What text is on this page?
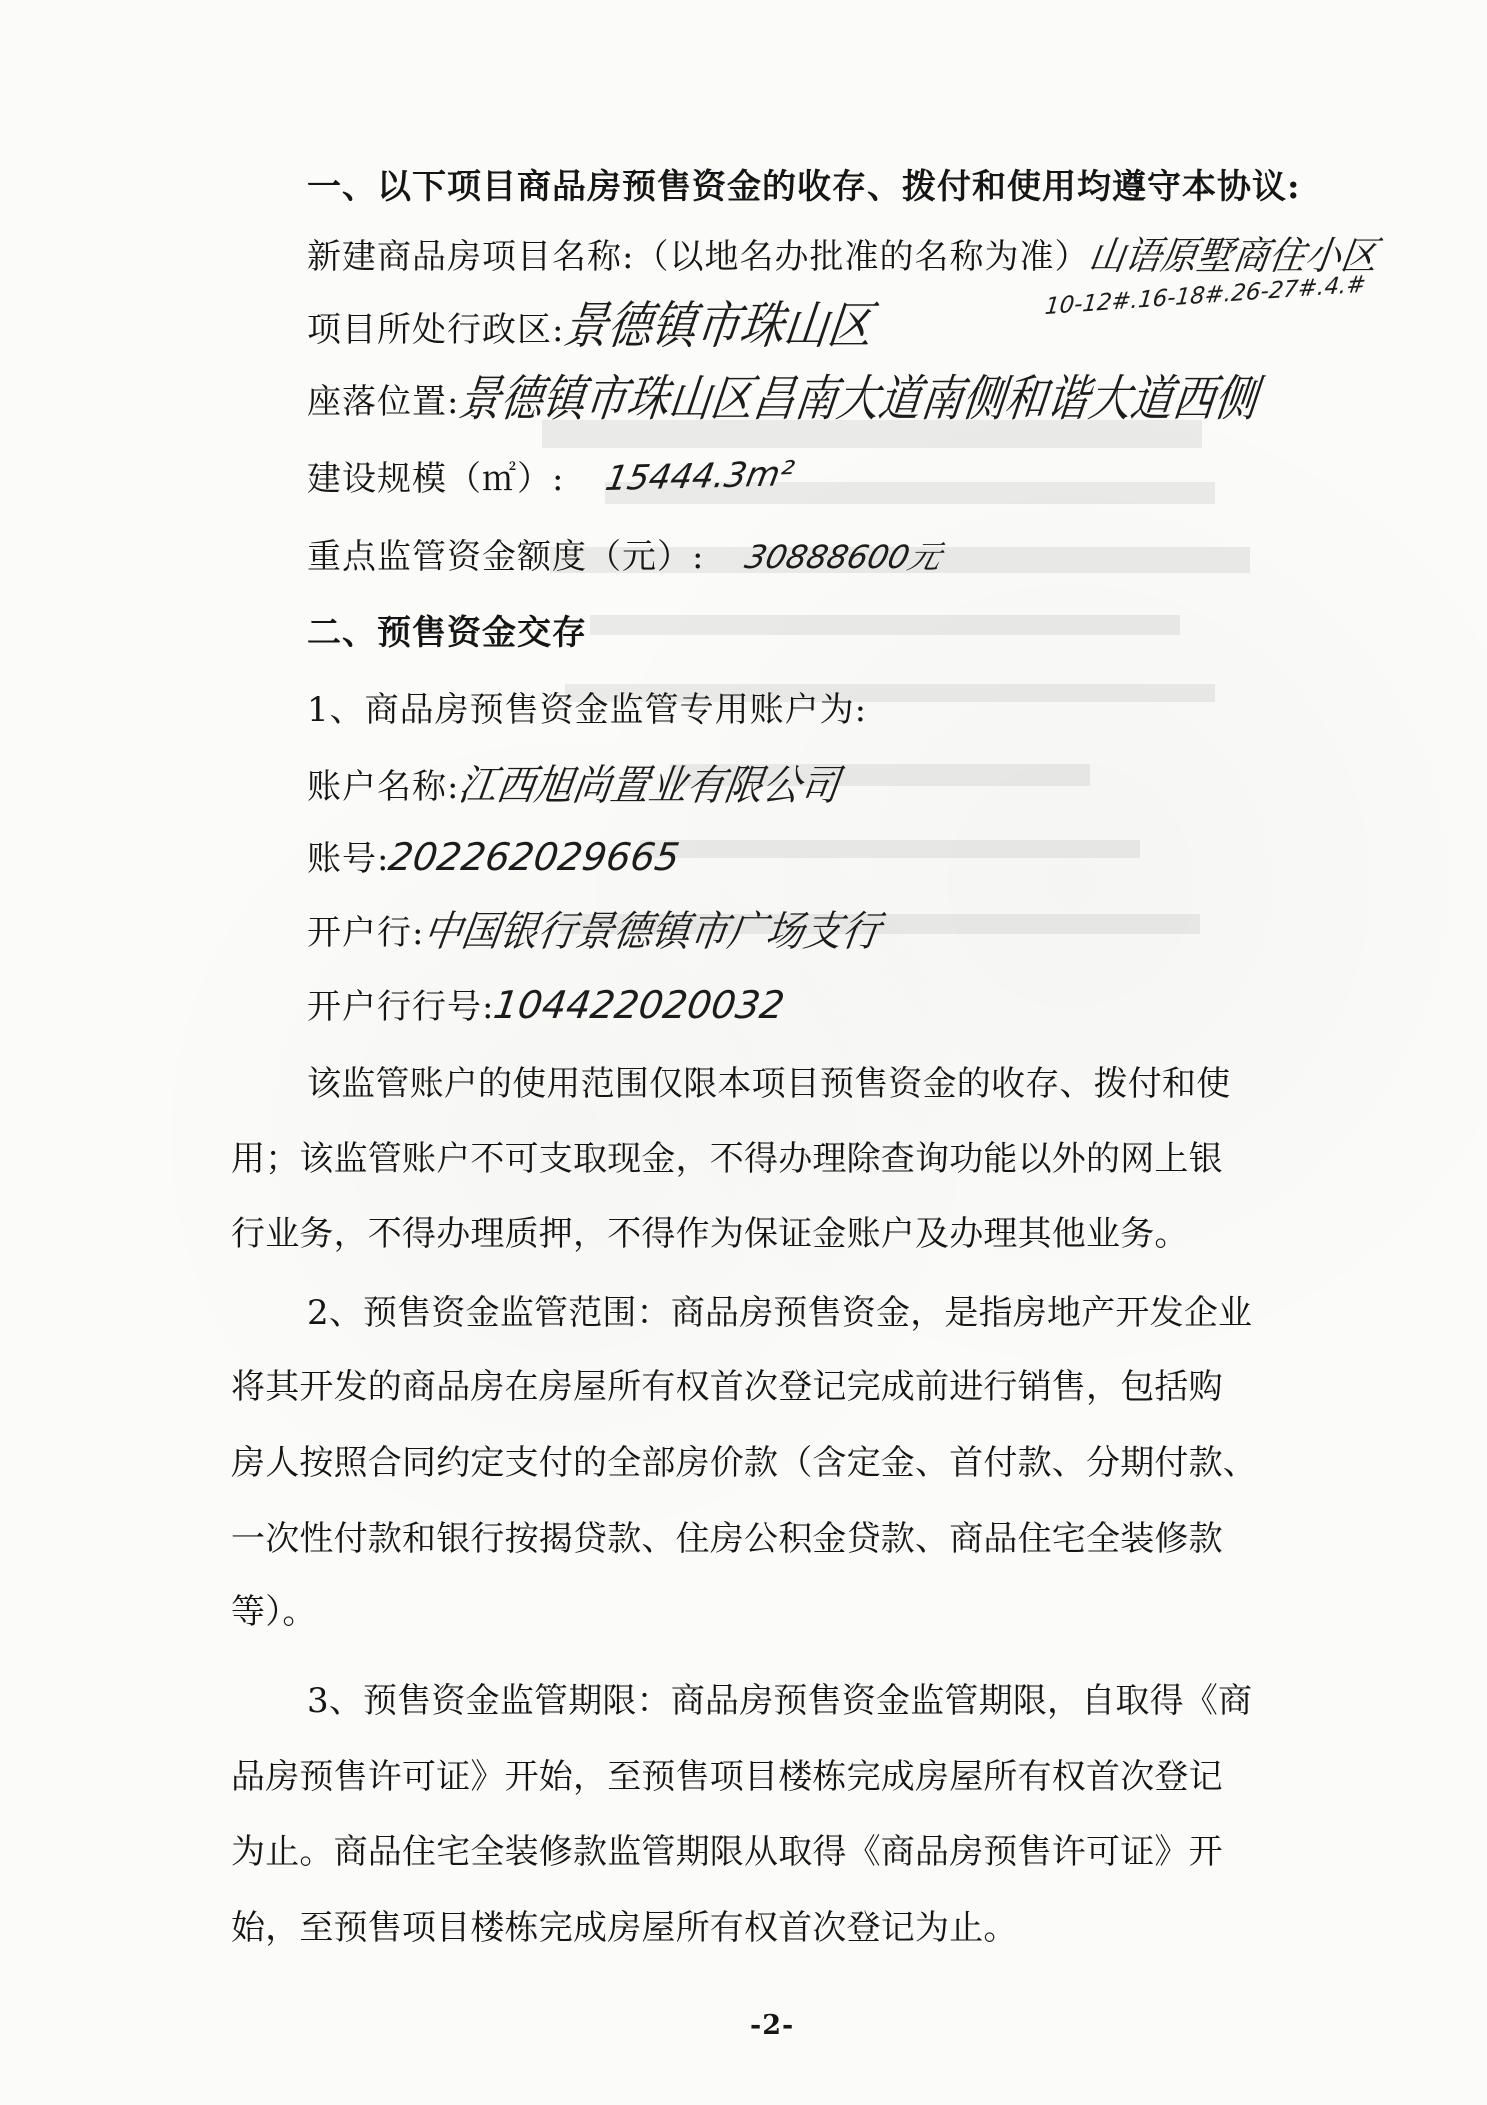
一、以下项目商品房预售资金的收存、拨付和使用均遵守本协议:
新建商品房项目名称:（以地名办批准的名称为准）山语原墅商住小区
10-12#.16-18#.26-27#.4.#
项目所处行政区:景德镇市珠山区
座落位置:景德镇市珠山区昌南大道南侧和谐大道西侧
建设规模（㎡）: 15444.3m²
重点监管资金额度（元）: 30888600元
二、预售资金交存
1、商品房预售资金监管专用账户为:
账户名称:江西旭尚置业有限公司
账号:202262029665
开户行:中国银行景德镇市广场支行
开户行行号:104422020032
该监管账户的使用范围仅限本项目预售资金的收存、拨付和使
用；该监管账户不可支取现金，不得办理除查询功能以外的网上银
行业务，不得办理质押，不得作为保证金账户及办理其他业务。
2、预售资金监管范围：商品房预售资金，是指房地产开发企业
将其开发的商品房在房屋所有权首次登记完成前进行销售，包括购
房人按照合同约定支付的全部房价款（含定金、首付款、分期付款、
一次性付款和银行按揭贷款、住房公积金贷款、商品住宅全装修款
等）。
3、预售资金监管期限：商品房预售资金监管期限，自取得《商
品房预售许可证》开始，至预售项目楼栋完成房屋所有权首次登记
为止。商品住宅全装修款监管期限从取得《商品房预售许可证》开
始，至预售项目楼栋完成房屋所有权首次登记为止。
-2-
